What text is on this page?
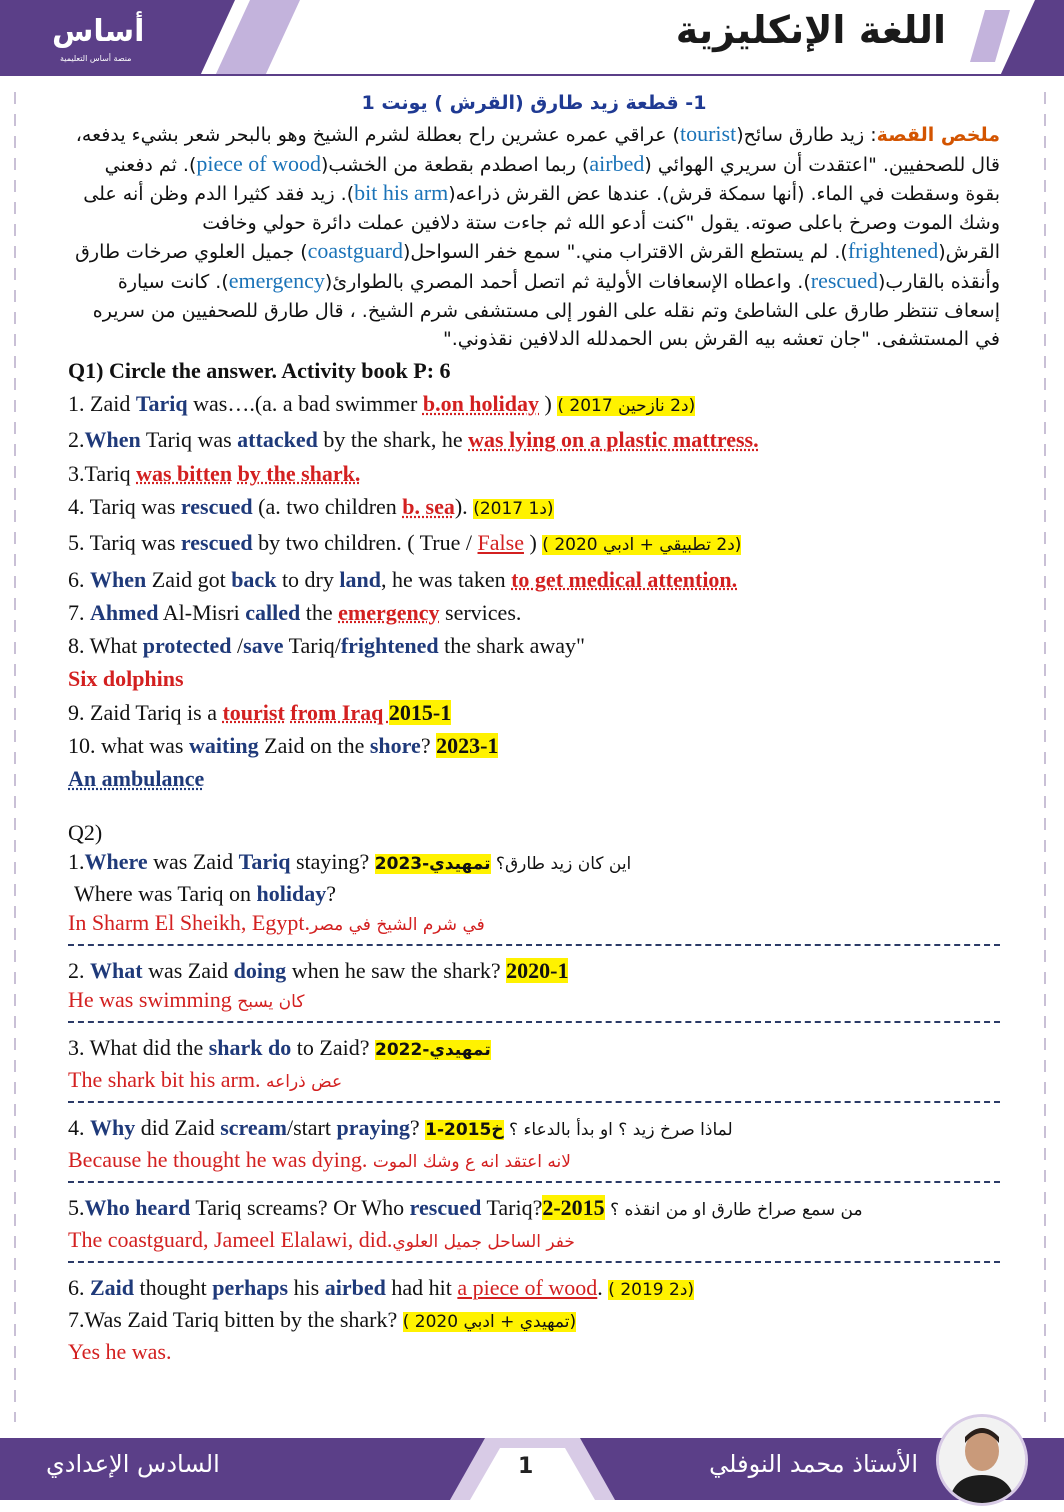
أساس
منصة أساس التعليمية
اللغة الإنكليزية
1- قطعة زيد طارق (القرش ) يونت 1
ملخص القصة: زيد طارق سائح(tourist) عراقي عمره عشرين راح بعطلة لشرم الشيخ وهو بالبحر شعر بشيء يدفعه، قال للصحفيين. "اعتقدت أن سريري الهوائي (airbed) ربما اصطدم بقطعة من الخشب(piece of wood). ثم دفعني بقوة وسقطت في الماء. (أنها سمكة قرش). عندها عض القرش ذراعه(bit his arm). زيد فقد كثيرا الدم وظن أنه على وشك الموت وصرخ باعلى صوته. يقول "كنت أدعو الله ثم جاءت ستة دلافين عملت دائرة حولي وخافت القرش(frightened). لم يستطع القرش الاقتراب مني." سمع خفر السواحل(coastguard) جميل العلوي صرخات طارق وأنقذه بالقارب(rescued). واعطاه الإسعافات الأولية ثم اتصل أحمد المصري بالطوارئ(emergency). كانت سيارة إسعاف تنتظر طارق على الشاطئ وتم نقله على الفور إلى مستشفى شرم الشيخ. ، قال طارق للصحفيين من سريره في المستشفى. "جان تعشه بيه القرش بس الحمدلله الدلافين نقذوني."
Q1) Circle the answer. Activity book P: 6
1. Zaid Tariq was….(a. a bad swimmer b.on holiday ) ( د2 نازحين 2017)
2.When Tariq was attacked by the shark, he was lying on a plastic mattress.
3.Tariq was bitten by the shark.
4. Tariq was rescued (a. two children b. sea). (د1 2017)
5. Tariq was rescued by two children. ( True / False ) ( د2 تطبيقي + ادبي 2020)
6. When Zaid got back to dry land, he was taken to get medical attention.
7. Ahmed Al-Misri called the emergency services.
8. What protected /save Tariq/frightened the shark away"
Six dolphins
9. Zaid Tariq is a tourist from Iraq 2015-1
10. what was waiting Zaid on the shore? 2023-1
An ambulance
Q2)
1.Where was Zaid Tariq staying?	اين كان زيد طارق؟ تمهيدي-2023
Where was Tariq on holiday?
In Sharm El Sheikh, Egypt.في شرم الشيخ في مصر
2. What was Zaid doing when he saw the shark? 2020-1
He was swimming كان يسبح
3. What did the shark do to Zaid? تمهيدي-2022
The shark bit his arm. عض ذراعه
4. Why did Zaid scream/start praying?	لماذا صرخ زيد ؟ او بدأ بالدعاء ؟ خ2015-1
Because he thought he was dying. لانه اعتقد انه ع وشك الموت
5.Who heard Tariq screams? Or Who rescued Tariq?2-2015 من سمع صراخ طارق او من انقذه ؟
The coastguard, Jameel Elalawi, did.خفر الساحل جميل العلوي
6. Zaid thought perhaps his airbed had hit a piece of wood. ( د2 2019)
7.Was Zaid Tariq bitten by the shark? ( تمهيدي + ادبي 2020)
Yes he was.
السادس الإعدادي	1	الأستاذ محمد النوفلي
